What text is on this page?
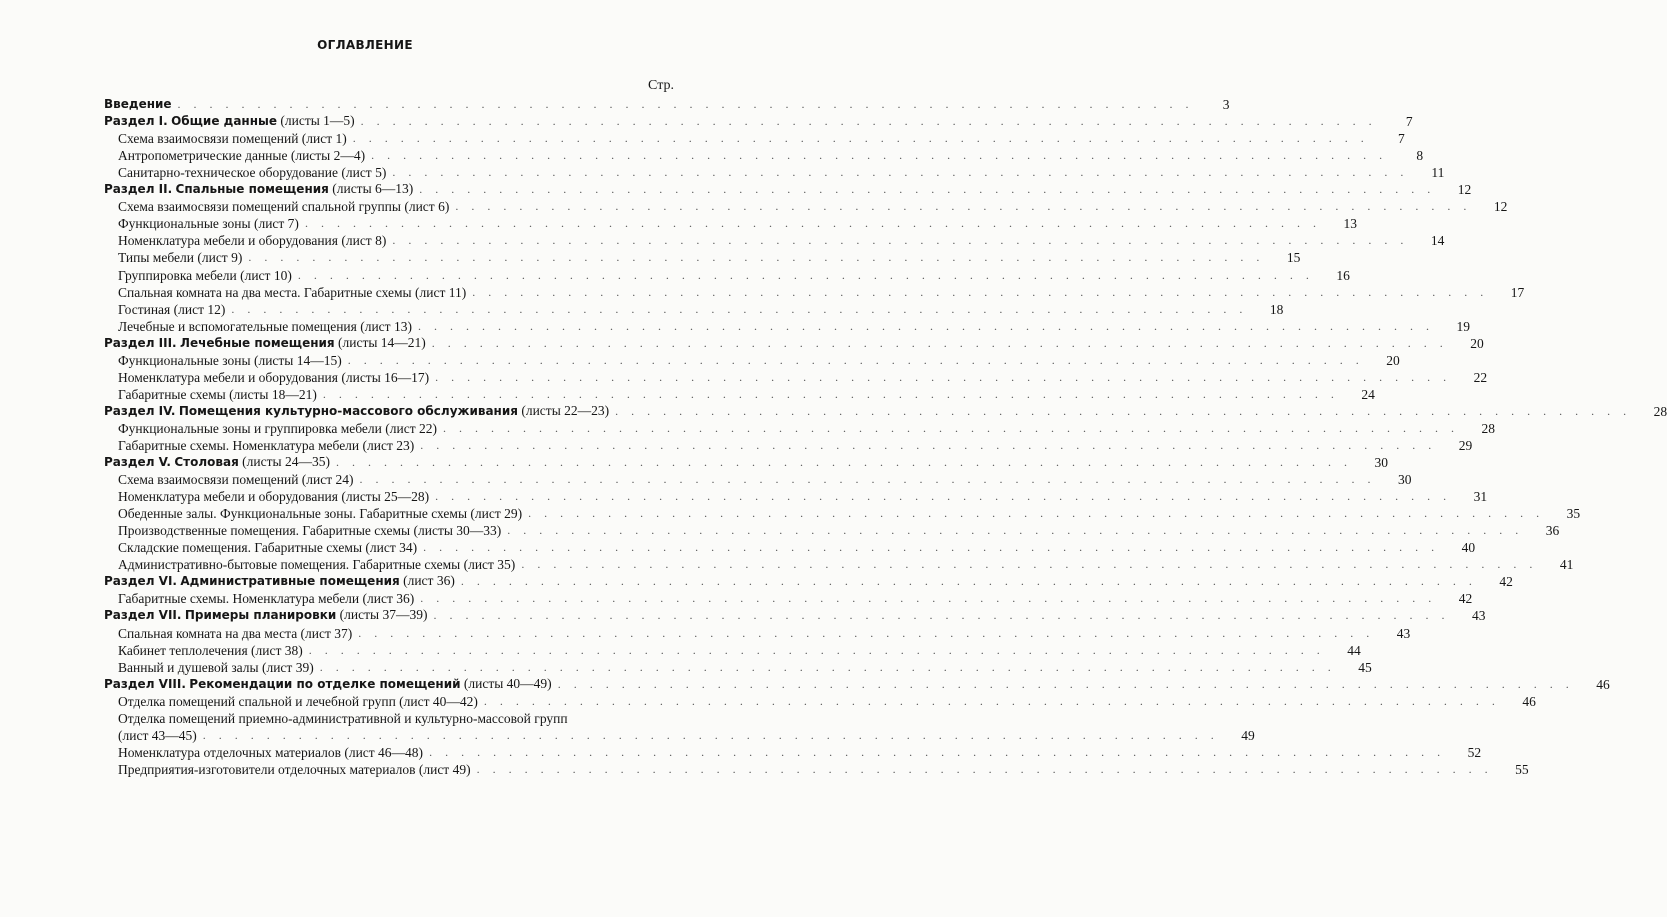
ОГЛАВЛЕНИЕ
Стр.
Введение . . . . . . . . . . . . . . . . . . . . . . . . . . . . . . . . . . . . . . . . . . . . . . . . . . . . . . . . . . . . . . . .	3
Раздел I. Общие данные (листы 1—5) . . . . . . . . . . . . . . . . . . . . . . . . . . . . . . . . . . . . . . . . . . . . . . . . . . . . . . . . . . . . . . . .	7
Схема взаимосвязи помещений (лист 1) . . . . . . . . . . . . . . . . . . . . . . . . . . . . . . . . . . . . . . . . . . . . . . . . . . . . . . . . . . . . . . . .	7
Антропометрические данные (листы 2—4) . . . . . . . . . . . . . . . . . . . . . . . . . . . . . . . . . . . . . . . . . . . . . . . . . . . . . . . . . . . . . . . .	8
Санитарно-техническое оборудование (лист 5) . . . . . . . . . . . . . . . . . . . . . . . . . . . . . . . . . . . . . . . . . . . . . . . . . . . . . . . . . . . . . . . .	11
Раздел II. Спальные помещения (листы 6—13) . . . . . . . . . . . . . . . . . . . . . . . . . . . . . . . . . . . . . . . . . . . . . . . . . . . . . . . . . . . . . . . .	12
Схема взаимосвязи помещений спальной группы (лист 6) . . . . . . . . . . . . . . . . . . . . . . . . . . . . . . . . . . . . . . . . . . . . . . . . . . . . . . . . . . . . . . . .	12
Функциональные зоны (лист 7) . . . . . . . . . . . . . . . . . . . . . . . . . . . . . . . . . . . . . . . . . . . . . . . . . . . . . . . . . . . . . . . .	13
Номенклатура мебели и оборудования (лист 8) . . . . . . . . . . . . . . . . . . . . . . . . . . . . . . . . . . . . . . . . . . . . . . . . . . . . . . . . . . . . . . . .	14
Типы мебели (лист 9) . . . . . . . . . . . . . . . . . . . . . . . . . . . . . . . . . . . . . . . . . . . . . . . . . . . . . . . . . . . . . . . .	15
Группировка мебели (лист 10) . . . . . . . . . . . . . . . . . . . . . . . . . . . . . . . . . . . . . . . . . . . . . . . . . . . . . . . . . . . . . . . .	16
Спальная комната на два места. Габаритные схемы (лист 11) . . . . . . . . . . . . . . . . . . . . . . . . . . . . . . . . . . . . . . . . . . . . . . . . . . . . . . . . . . . . . . . .	17
Гостиная (лист 12) . . . . . . . . . . . . . . . . . . . . . . . . . . . . . . . . . . . . . . . . . . . . . . . . . . . . . . . . . . . . . . . .	18
Лечебные и вспомогательные помещения (лист 13) . . . . . . . . . . . . . . . . . . . . . . . . . . . . . . . . . . . . . . . . . . . . . . . . . . . . . . . . . . . . . . . .	19
Раздел III. Лечебные помещения (листы 14—21) . . . . . . . . . . . . . . . . . . . . . . . . . . . . . . . . . . . . . . . . . . . . . . . . . . . . . . . . . . . . . . . .	20
Функциональные зоны (листы 14—15) . . . . . . . . . . . . . . . . . . . . . . . . . . . . . . . . . . . . . . . . . . . . . . . . . . . . . . . . . . . . . . . .	20
Номенклатура мебели и оборудования (листы 16—17) . . . . . . . . . . . . . . . . . . . . . . . . . . . . . . . . . . . . . . . . . . . . . . . . . . . . . . . . . . . . . . . .	22
Габаритные схемы (листы 18—21) . . . . . . . . . . . . . . . . . . . . . . . . . . . . . . . . . . . . . . . . . . . . . . . . . . . . . . . . . . . . . . . .	24
Раздел IV. Помещения культурно-массового обслуживания (листы 22—23) . . . . . . . . . . . . . . . . . . . . . . . . . . . . . . . . . . . . . . . . . . . . . . . . . . . . . . . . . . . . . . . .	28
Функциональные зоны и группировка мебели (лист 22) . . . . . . . . . . . . . . . . . . . . . . . . . . . . . . . . . . . . . . . . . . . . . . . . . . . . . . . . . . . . . . . .	28
Габаритные схемы. Номенклатура мебели (лист 23) . . . . . . . . . . . . . . . . . . . . . . . . . . . . . . . . . . . . . . . . . . . . . . . . . . . . . . . . . . . . . . . .	29
Раздел V. Столовая (листы 24—35) . . . . . . . . . . . . . . . . . . . . . . . . . . . . . . . . . . . . . . . . . . . . . . . . . . . . . . . . . . . . . . . .	30
Схема взаимосвязи помещений (лист 24) . . . . . . . . . . . . . . . . . . . . . . . . . . . . . . . . . . . . . . . . . . . . . . . . . . . . . . . . . . . . . . . .	30
Номенклатура мебели и оборудования (листы 25—28) . . . . . . . . . . . . . . . . . . . . . . . . . . . . . . . . . . . . . . . . . . . . . . . . . . . . . . . . . . . . . . . .	31
Обеденные залы. Функциональные зоны. Габаритные схемы (лист 29) . . . . . . . . . . . . . . . . . . . . . . . . . . . . . . . . . . . . . . . . . . . . . . . . . . . . . . . . . . . . . . . .	35
Производственные помещения. Габаритные схемы (листы 30—33) . . . . . . . . . . . . . . . . . . . . . . . . . . . . . . . . . . . . . . . . . . . . . . . . . . . . . . . . . . . . . . . .	36
Складские помещения. Габаритные схемы (лист 34) . . . . . . . . . . . . . . . . . . . . . . . . . . . . . . . . . . . . . . . . . . . . . . . . . . . . . . . . . . . . . . . .	40
Административно-бытовые помещения. Габаритные схемы (лист 35) . . . . . . . . . . . . . . . . . . . . . . . . . . . . . . . . . . . . . . . . . . . . . . . . . . . . . . . . . . . . . . . .	41
Раздел VI. Административные помещения (лист 36) . . . . . . . . . . . . . . . . . . . . . . . . . . . . . . . . . . . . . . . . . . . . . . . . . . . . . . . . . . . . . . . .	42
Габаритные схемы. Номенклатура мебели (лист 36) . . . . . . . . . . . . . . . . . . . . . . . . . . . . . . . . . . . . . . . . . . . . . . . . . . . . . . . . . . . . . . . .	42
Раздел VII. Примеры планировки (листы 37—39) . . . . . . . . . . . . . . . . . . . . . . . . . . . . . . . . . . . . . . . . . . . . . . . . . . . . . . . . . . . . . . . .	43
Спальная комната на два места (лист 37) . . . . . . . . . . . . . . . . . . . . . . . . . . . . . . . . . . . . . . . . . . . . . . . . . . . . . . . . . . . . . . . .	43
Кабинет теплолечения (лист 38) . . . . . . . . . . . . . . . . . . . . . . . . . . . . . . . . . . . . . . . . . . . . . . . . . . . . . . . . . . . . . . . .	44
Ванный и душевой залы (лист 39) . . . . . . . . . . . . . . . . . . . . . . . . . . . . . . . . . . . . . . . . . . . . . . . . . . . . . . . . . . . . . . . .	45
Раздел VIII. Рекомендации по отделке помещений (листы 40—49) . . . . . . . . . . . . . . . . . . . . . . . . . . . . . . . . . . . . . . . . . . . . . . . . . . . . . . . . . . . . . . . .	46
Отделка помещений спальной и лечебной групп (лист 40—42) . . . . . . . . . . . . . . . . . . . . . . . . . . . . . . . . . . . . . . . . . . . . . . . . . . . . . . . . . . . . . . . .	46
Отделка помещений приемно-административной и культурно-массовой групп
(лист 43—45) . . . . . . . . . . . . . . . . . . . . . . . . . . . . . . . . . . . . . . . . . . . . . . . . . . . . . . . . . . . . . . . .	49
Номенклатура отделочных материалов (лист 46—48) . . . . . . . . . . . . . . . . . . . . . . . . . . . . . . . . . . . . . . . . . . . . . . . . . . . . . . . . . . . . . . . .	52
Предприятия-изготовители отделочных материалов (лист 49) . . . . . . . . . . . . . . . . . . . . . . . . . . . . . . . . . . . . . . . . . . . . . . . . . . . . . . . . . . . . . . . .	55
